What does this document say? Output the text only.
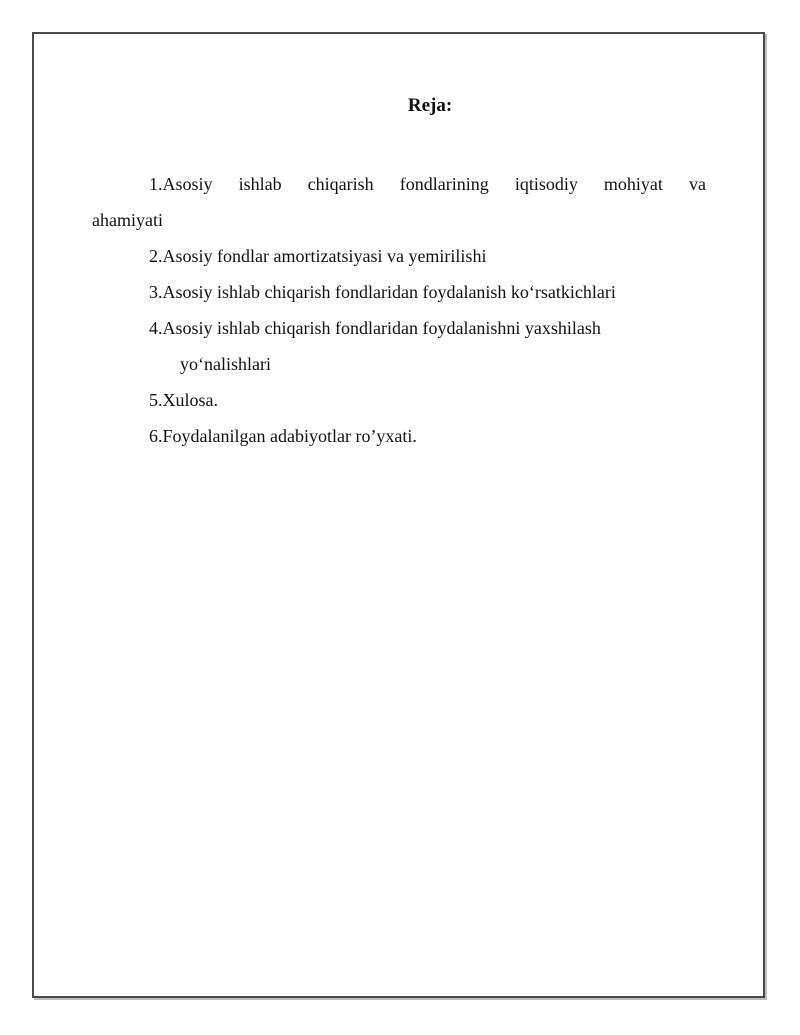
Reja:
1.Asosiy ishlab chiqarish fondlarining iqtisodiy mohiyat va
ahamiyati
2.Asosiy fondlar amortizatsiyasi va yemirilishi
3.Asosiy ishlab chiqarish fondlaridan foydalanish ko‘rsatkichlari
4.Asosiy ishlab chiqarish fondlaridan foydalanishni yaxshilash
yo‘nalishlari
5.Xulosa.
6.Foydalanilgan adabiyotlar ro’yxati.
